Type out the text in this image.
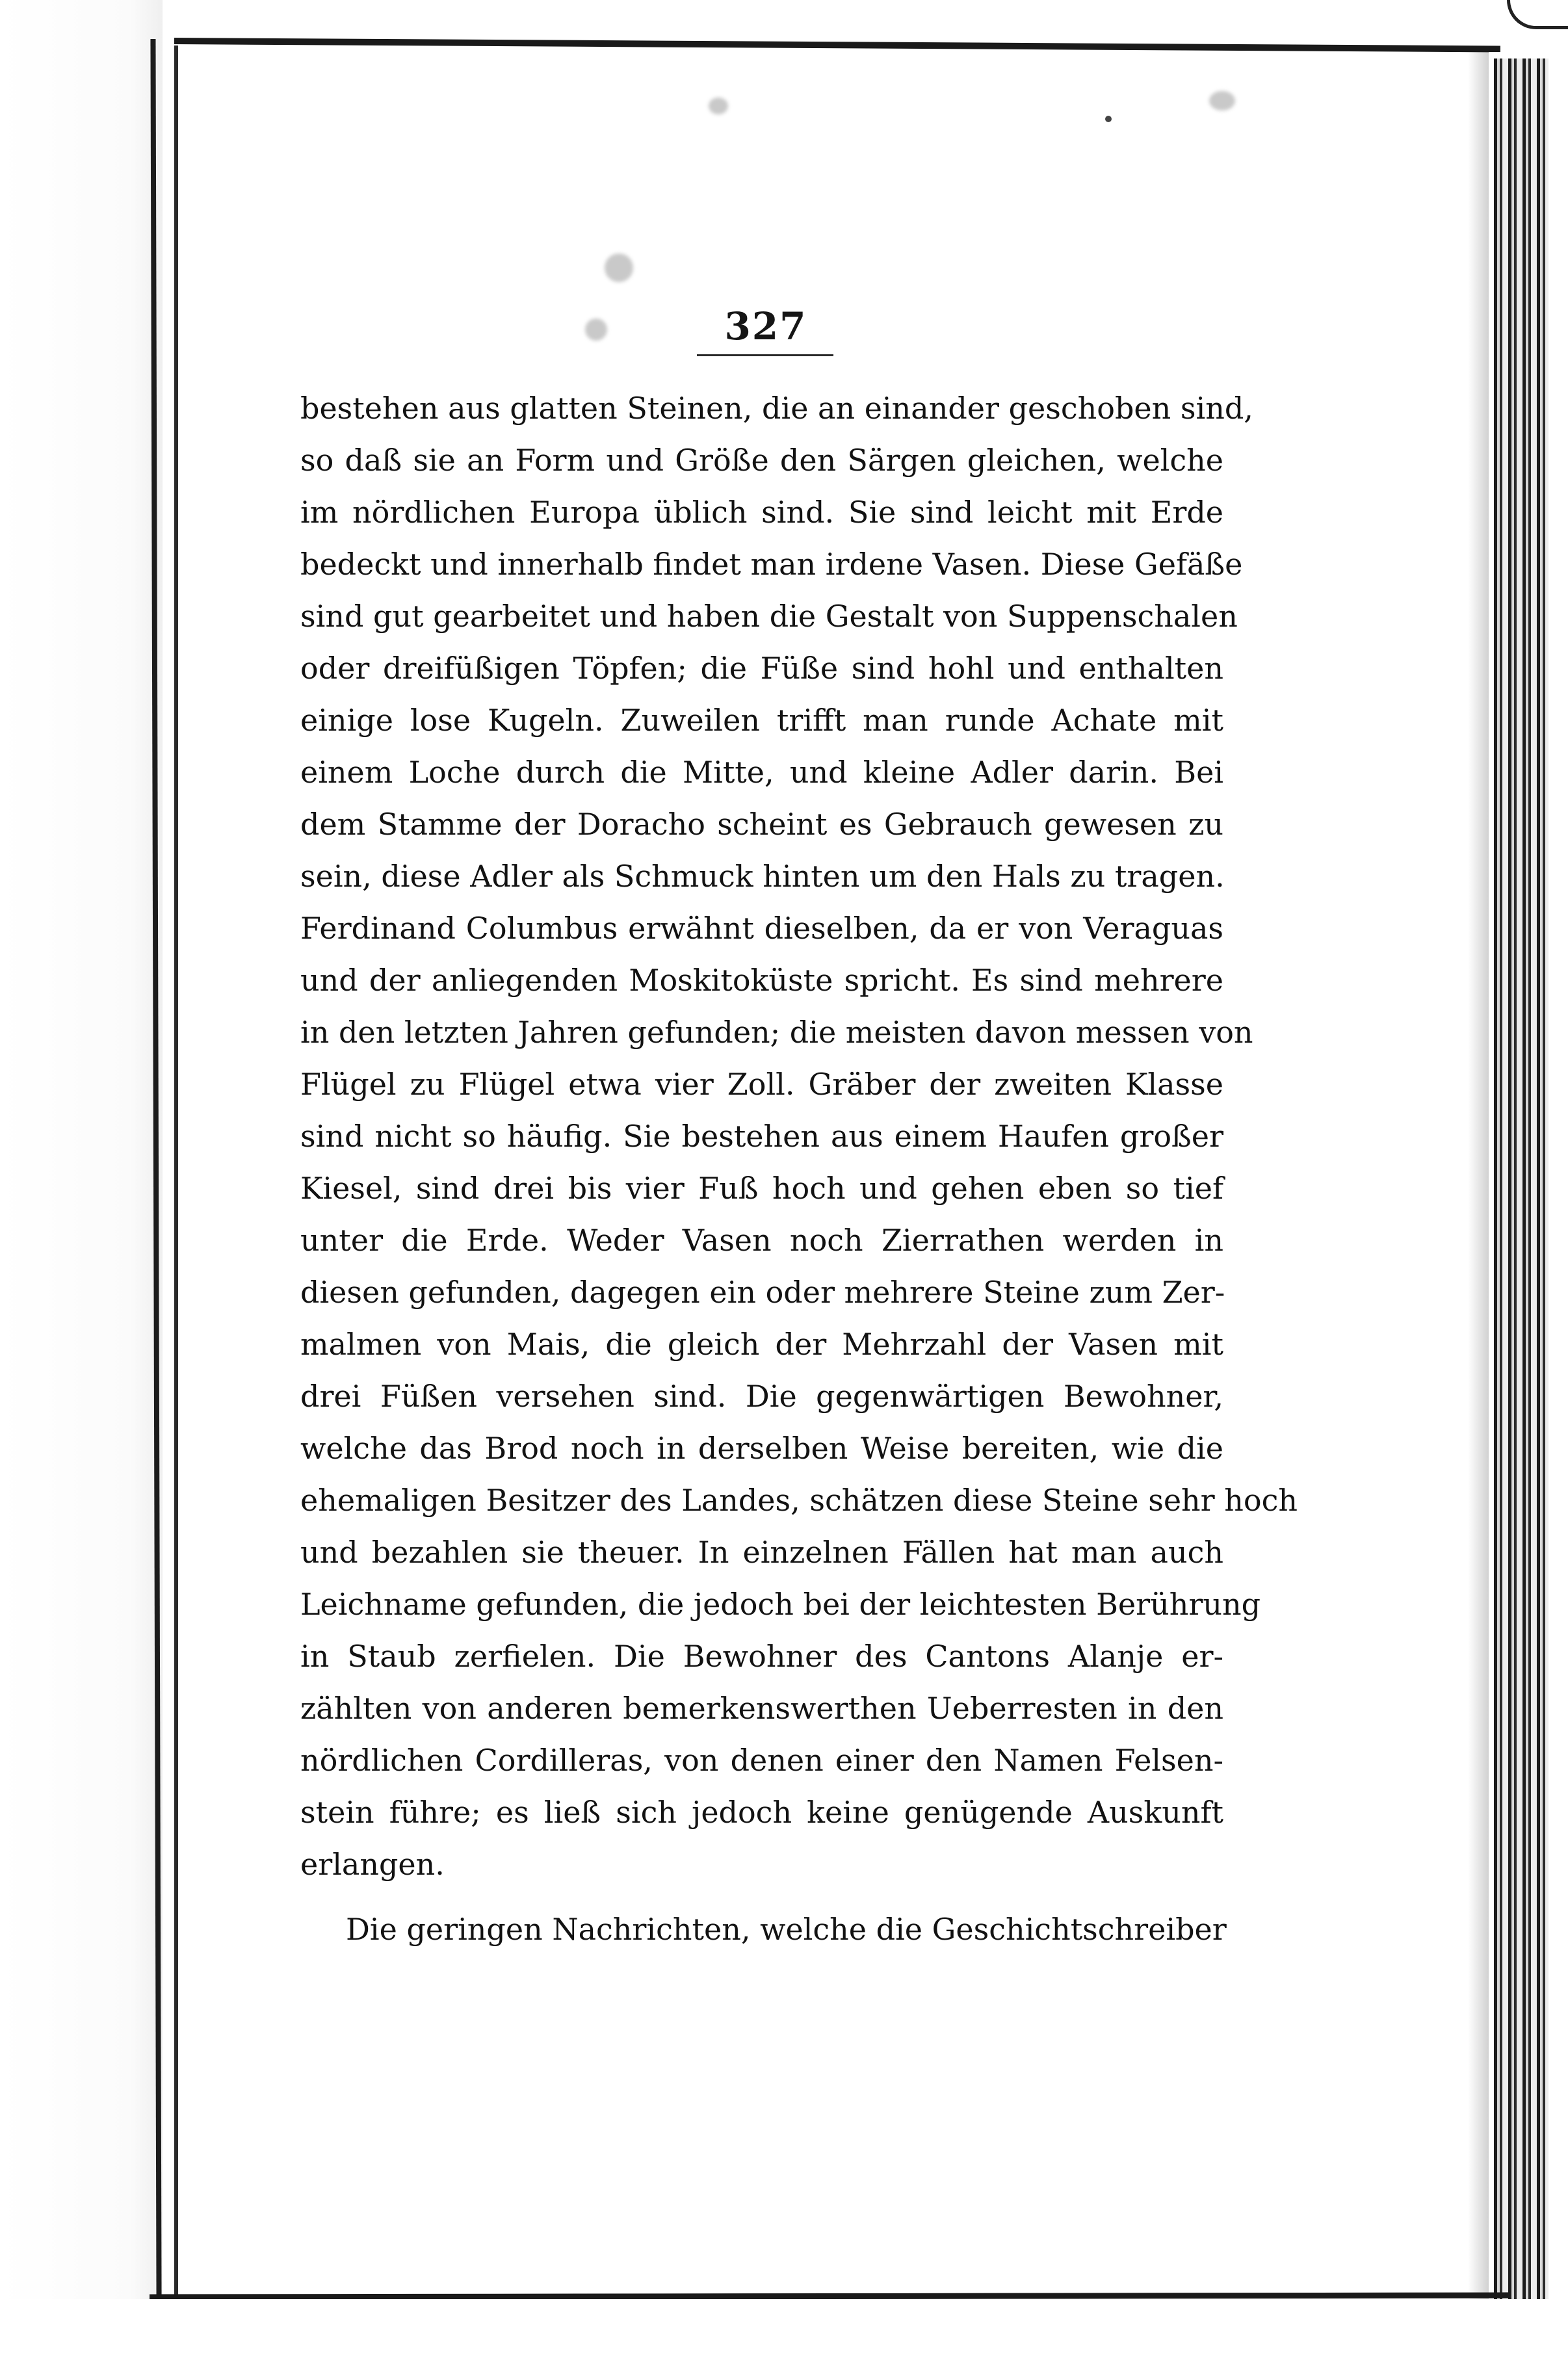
327
bestehen aus glatten Steinen, die an einander geschoben sind,
so daß sie an Form und Größe den Särgen gleichen, welche
im nördlichen Europa üblich sind. Sie sind leicht mit Erde
bedeckt und innerhalb findet man irdene Vasen. Diese Gefäße
sind gut gearbeitet und haben die Gestalt von Suppenschalen
oder dreifüßigen Töpfen; die Füße sind hohl und enthalten
einige lose Kugeln. Zuweilen trifft man runde Achate mit
einem Loche durch die Mitte, und kleine Adler darin. Bei
dem Stamme der Doracho scheint es Gebrauch gewesen zu
sein, diese Adler als Schmuck hinten um den Hals zu tragen.
Ferdinand Columbus erwähnt dieselben, da er von Veraguas
und der anliegenden Moskitoküste spricht. Es sind mehrere
in den letzten Jahren gefunden; die meisten davon messen von
Flügel zu Flügel etwa vier Zoll. Gräber der zweiten Klasse
sind nicht so häufig. Sie bestehen aus einem Haufen großer
Kiesel, sind drei bis vier Fuß hoch und gehen eben so tief
unter die Erde. Weder Vasen noch Zierrathen werden in
diesen gefunden, dagegen ein oder mehrere Steine zum Zer-
malmen von Mais, die gleich der Mehrzahl der Vasen mit
drei Füßen versehen sind. Die gegenwärtigen Bewohner,
welche das Brod noch in derselben Weise bereiten, wie die
ehemaligen Besitzer des Landes, schätzen diese Steine sehr hoch
und bezahlen sie theuer. In einzelnen Fällen hat man auch
Leichname gefunden, die jedoch bei der leichtesten Berührung
in Staub zerfielen. Die Bewohner des Cantons Alanje er-
zählten von anderen bemerkenswerthen Ueberresten in den
nördlichen Cordilleras, von denen einer den Namen Felsen-
stein führe; es ließ sich jedoch keine genügende Auskunft
erlangen.
Die geringen Nachrichten, welche die Geschichtschreiber
